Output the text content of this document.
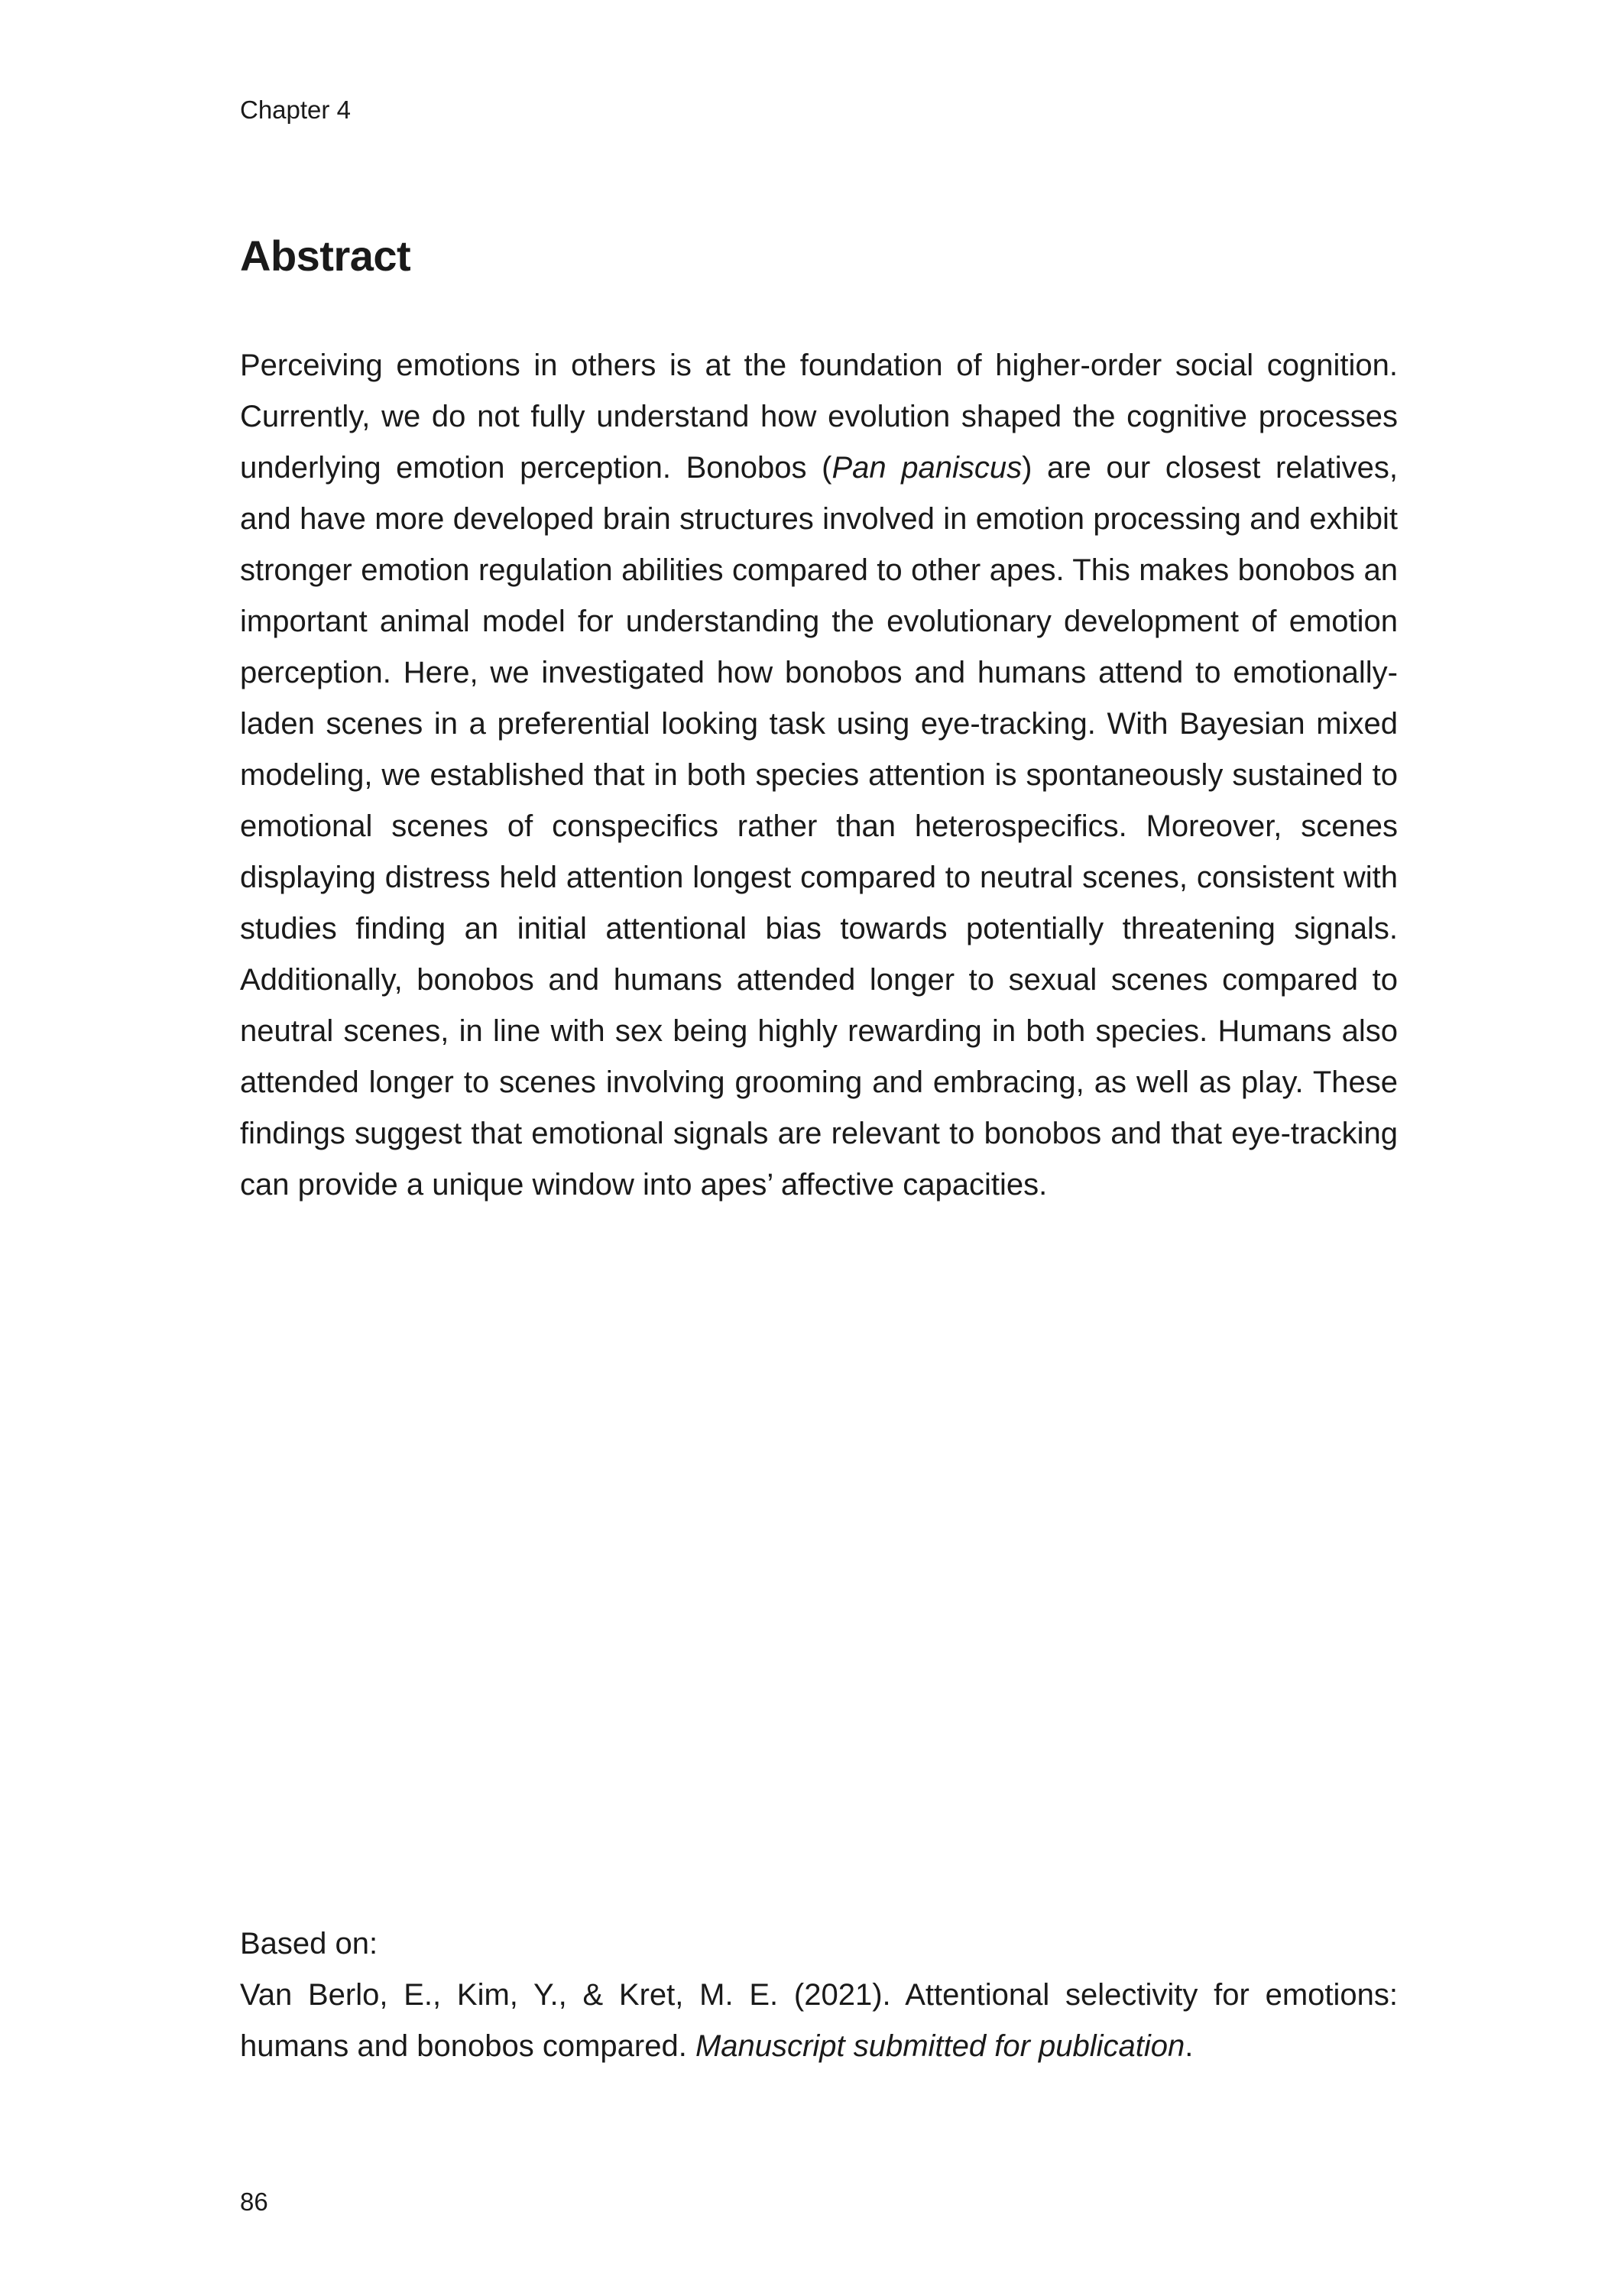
Chapter 4

Abstract

Perceiving emotions in others is at the foundation of higher-order social cognition. Currently, we do not fully understand how evolution shaped the cognitive processes underlying emotion perception. Bonobos (Pan paniscus) are our closest relatives, and have more developed brain structures involved in emotion processing and exhibit stronger emotion regulation abilities compared to other apes. This makes bonobos an important animal model for understanding the evolutionary development of emotion perception. Here, we investigated how bonobos and humans attend to emotionally-laden scenes in a preferential looking task using eye-tracking. With Bayesian mixed modeling, we established that in both species attention is spontaneously sustained to emotional scenes of conspecifics rather than heterospecifics. Moreover, scenes displaying distress held attention longest compared to neutral scenes, consistent with studies finding an initial attentional bias towards potentially threatening signals. Additionally, bonobos and humans attended longer to sexual scenes compared to neutral scenes, in line with sex being highly rewarding in both species. Humans also attended longer to scenes involving grooming and embracing, as well as play. These findings suggest that emotional signals are relevant to bonobos and that eye-tracking can provide a unique window into apes’ affective capacities.

Based on:

Van Berlo, E., Kim, Y., & Kret, M. E. (2021). Attentional selectivity for emotions: humans and bonobos compared. Manuscript submitted for publication.

86
